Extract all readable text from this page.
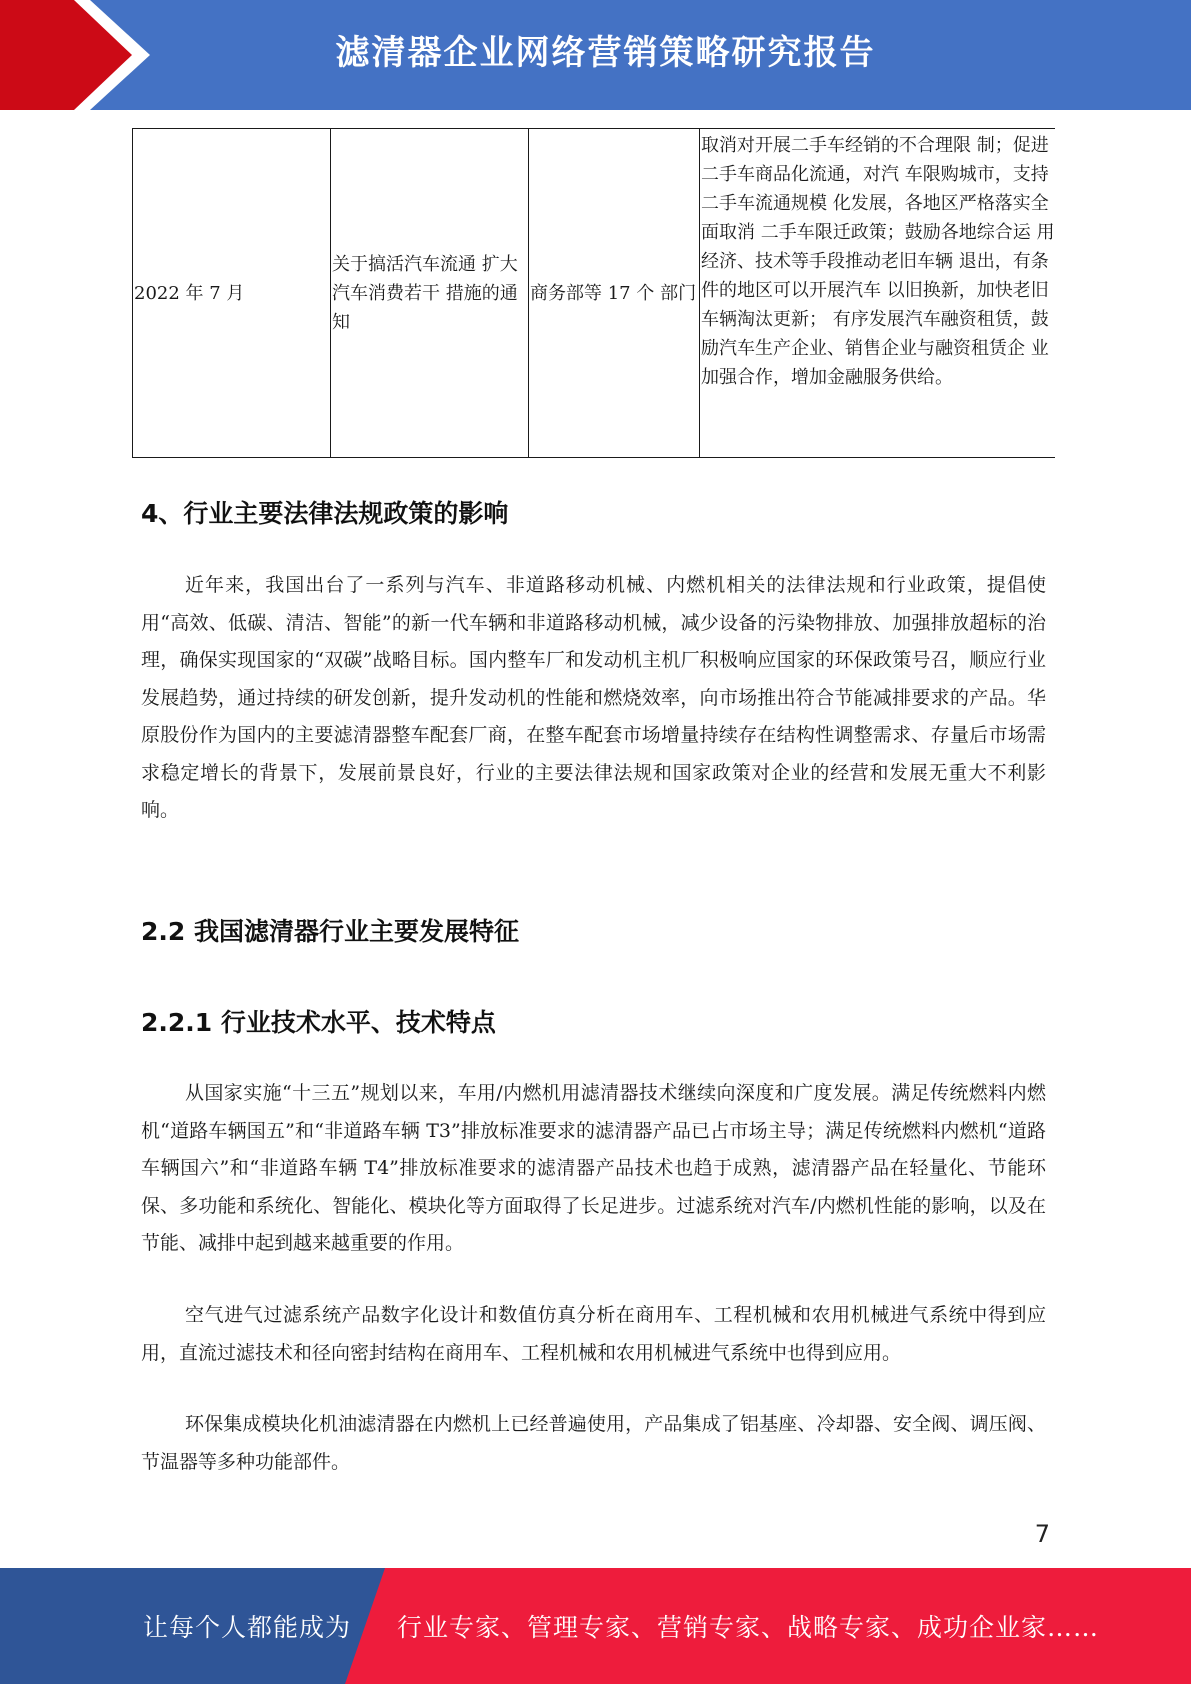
滤清器企业网络营销策略研究报告
2022 年 7 月	关于搞活汽车流通 扩大汽车消费若干 措施的通知	商务部等 17 个 部门	取消对开展二手车经销的不合理限 制；促进二手车商品化流通，对汽 车限购城市，支持二手车流通规模 化发展，各地区严格落实全面取消 二手车限迁政策；鼓励各地综合运 用经济、技术等手段推动老旧车辆 退出，有条件的地区可以开展汽车 以旧换新，加快老旧车辆淘汰更新； 有序发展汽车融资租赁，鼓励汽车生产企业、销售企业与融资租赁企 业加强合作，增加金融服务供给。
4、行业主要法律法规政策的影响

近年来，我国出台了一系列与汽车、非道路移动机械、内燃机相关的法律法规和行业政策，提倡使用“高效、低碳、清洁、智能”的新一代车辆和非道路移动机械，减少设备的污染物排放、加强排放超标的治理，确保实现国家的“双碳”战略目标。国内整车厂和发动机主机厂积极响应国家的环保政策号召，顺应行业发展趋势，通过持续的研发创新，提升发动机的性能和燃烧效率，向市场推出符合节能减排要求的产品。华原股份作为国内的主要滤清器整车配套厂商，在整车配套市场增量持续存在结构性调整需求、存量后市场需求稳定增长的背景下，发展前景良好，行业的主要法律法规和国家政策对企业的经营和发展无重大不利影响。

2.2 我国滤清器行业主要发展特征
2.2.1 行业技术水平、技术特点

从国家实施“十三五”规划以来，车用/内燃机用滤清器技术继续向深度和广度发展。满足传统燃料内燃机“道路车辆国五”和“非道路车辆 T3”排放标准要求的滤清器产品已占市场主导；满足传统燃料内燃机“道路车辆国六”和“非道路车辆 T4”排放标准要求的滤清器产品技术也趋于成熟，滤清器产品在轻量化、节能环保、多功能和系统化、智能化、模块化等方面取得了长足进步。过滤系统对汽车/内燃机性能的影响，以及在节能、减排中起到越来越重要的作用。

空气进气过滤系统产品数字化设计和数值仿真分析在商用车、工程机械和农用机械进气系统中得到应用，直流过滤技术和径向密封结构在商用车、工程机械和农用机械进气系统中也得到应用。

环保集成模块化机油滤清器在内燃机上已经普遍使用，产品集成了铝基座、冷却器、安全阀、调压阀、节温器等多种功能部件。

7
让每个人都能成为 行业专家、管理专家、营销专家、战略专家、成功企业家……
